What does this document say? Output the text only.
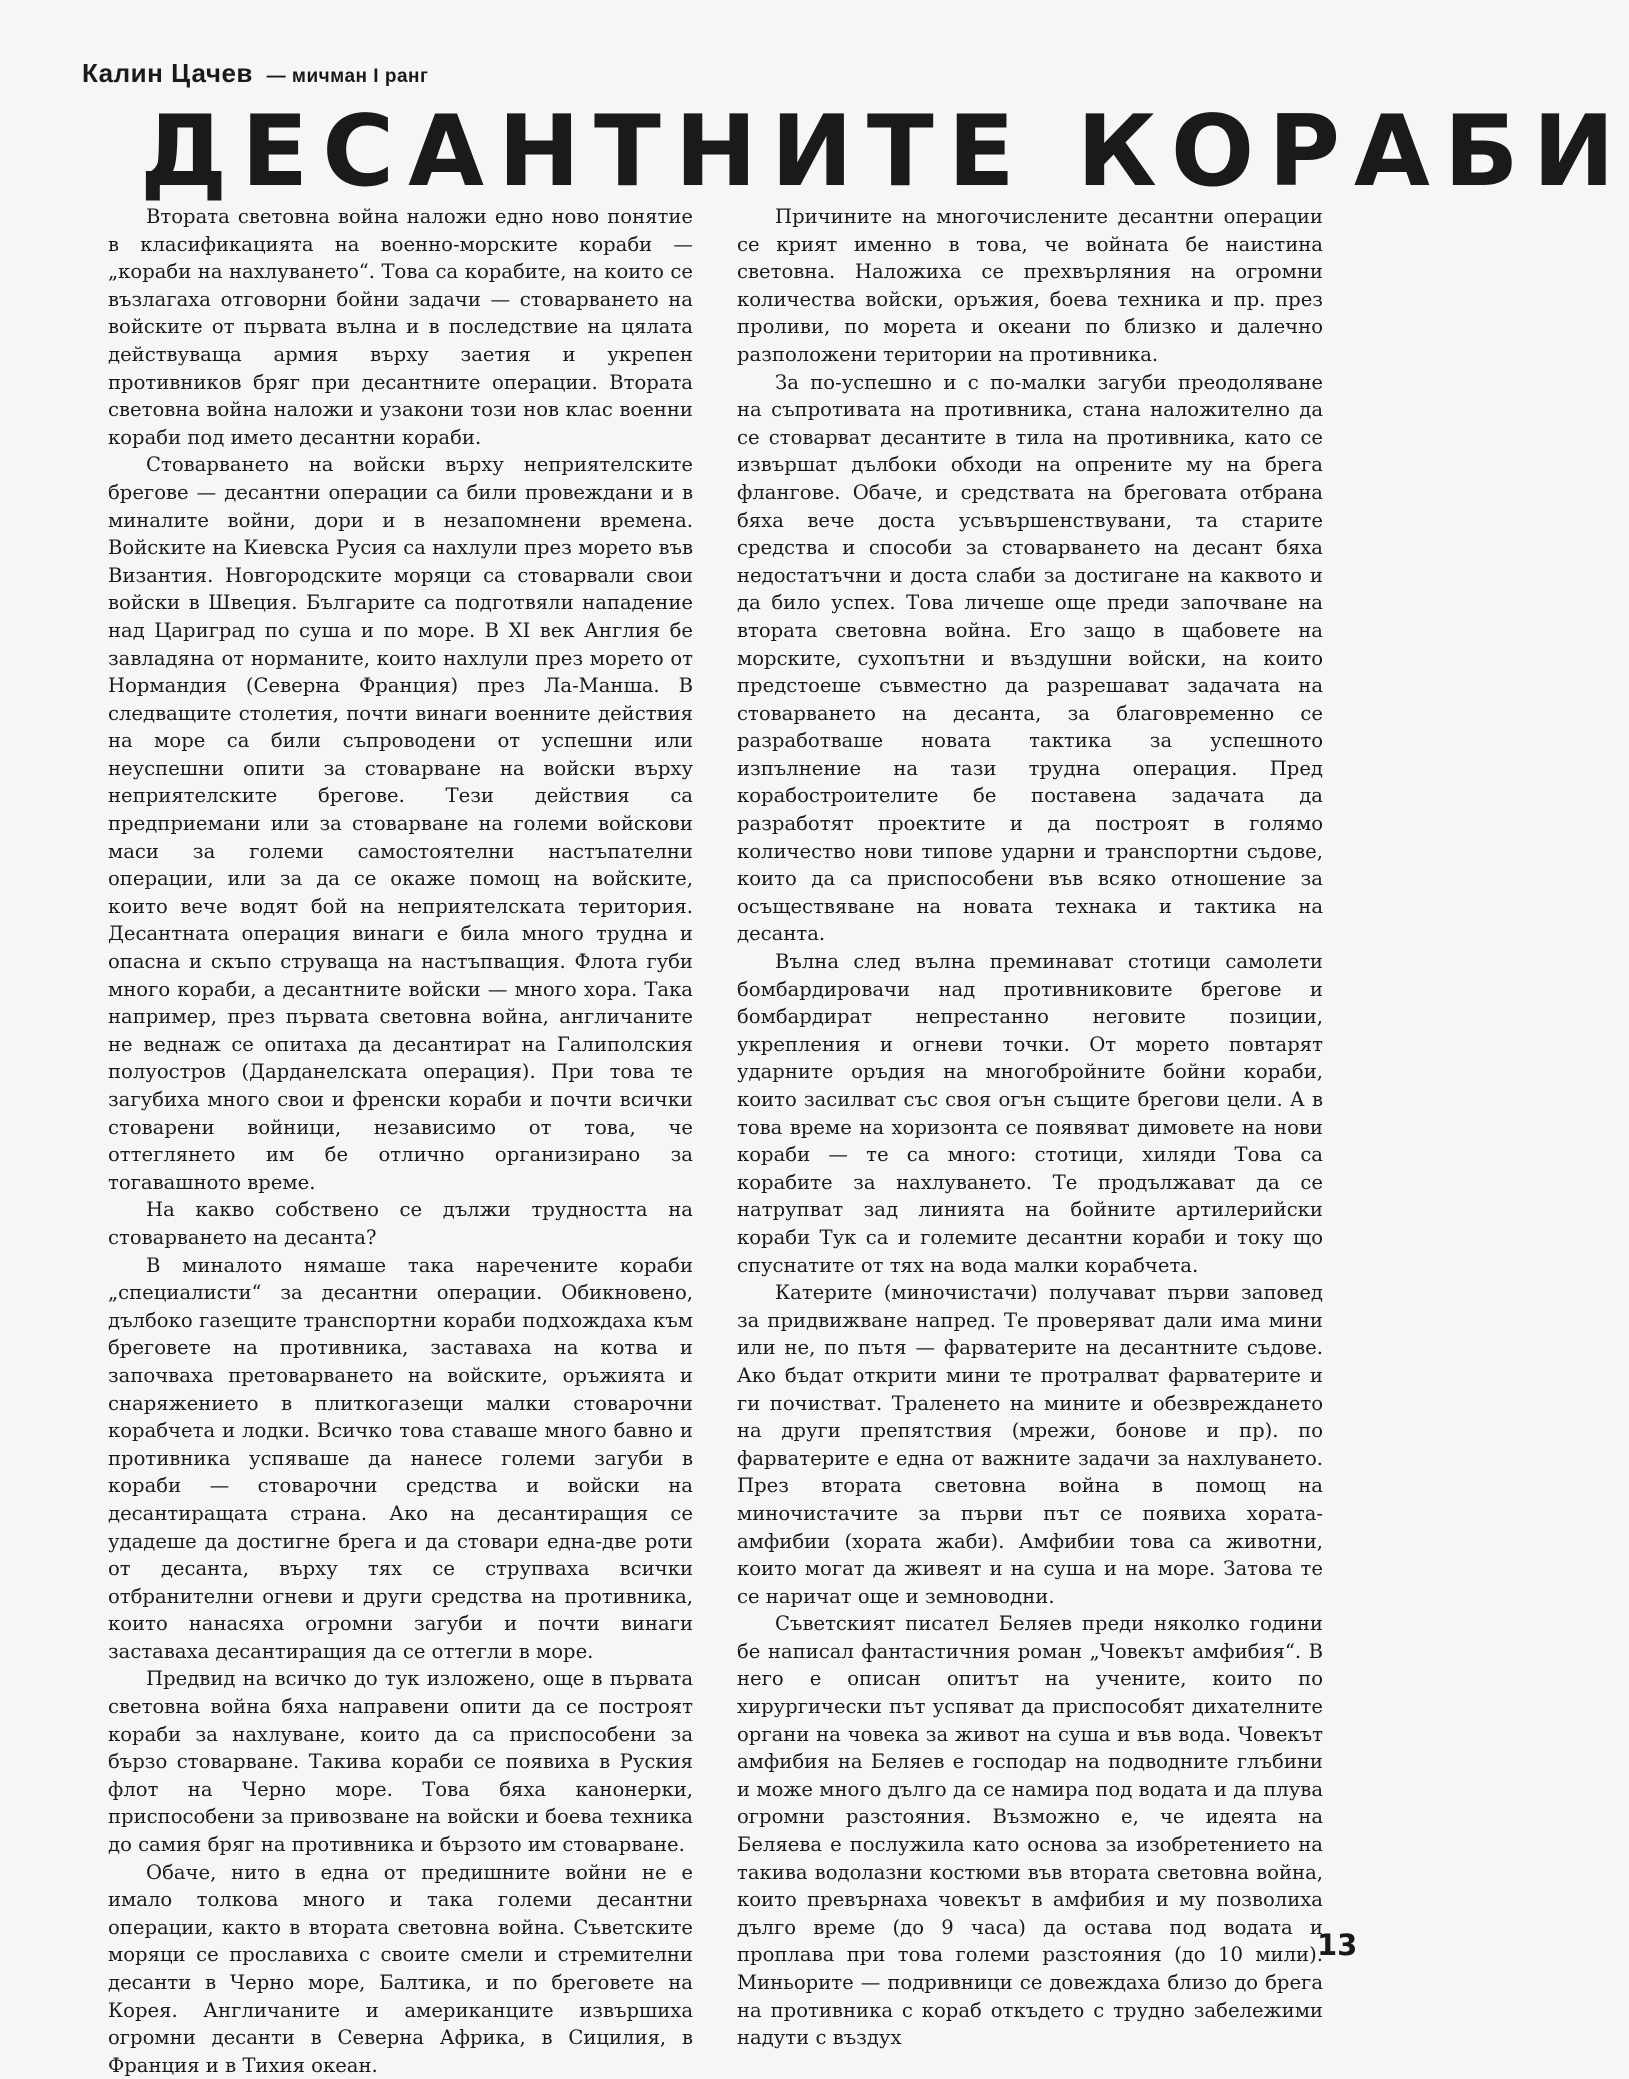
Калин Цачев — мичман I ранг
ДЕСАНТНИТЕ КОРАБИ

Втората световна война наложи едно ново понятие в класификацията на военно-морските кораби — „кораби на нахлуването“. Това са корабите, на които се възлагаха отговорни бойни задачи — стоварването на войските от първата вълна и в последствие на цялата действуваща армия върху заетия и укрепен противников бряг при десантните операции. Втората световна война наложи и узакони този нов клас военни кораби под името десантни кораби.

Стоварването на войски върху неприятелските брегове — десантни операции са били провеждани и в миналите войни, дори и в незапомнени времена. Войските на Киевска Русия са нахлули през морето във Византия. Новгородските моряци са стоварвали свои войски в Швеция. Българите са подготвяли нападение над Цариград по суша и по море. В XI век Англия бе завладяна от норманите, които нахлули през морето от Нормандия (Северна Франция) през Ла-Манша. В следващите столетия, почти винаги военните действия на море са били съпроводени от успешни или неуспешни опити за стоварване на войски върху неприятелските брегове. Тези действия са предприемани или за стоварване на големи войскови маси за големи самостоятелни настъпателни операции, или за да се окаже помощ на войските, които вече водят бой на неприятелската територия. Десантната операция винаги е била много трудна и опасна и скъпо струваща на настъпващия. Флота губи много кораби, а десантните войски — много хора. Така например, през първата световна война, англичаните не веднаж се опитаха да десантират на Галиполския полуостров (Дарданелската операция). При това те загубиха много свои и френски кораби и почти всички стоварени войници, независимо от това, че оттеглянето им бе отлично организирано за тогавашното време.

На какво собствено се дължи трудността на стоварването на десанта?

В миналото нямаше така наречените кораби „специалисти“ за десантни операции. Обикновено, дълбоко газещите транспортни кораби подхождаха към бреговете на противника, заставаха на котва и започваха претоварването на войските, оръжията и снаряжението в плиткогазещи малки стоварочни корабчета и лодки. Всичко това ставаше много бавно и противника успяваше да нанесе големи загуби в кораби — стоварочни средства и войски на десантиращата страна. Ако на десантиращия се удадеше да достигне брега и да стовари една-две роти от десанта, върху тях се струпваха всички отбранителни огневи и други средства на противника, които нанасяха огромни загуби и почти винаги заставаха десантиращия да се оттегли в море.

Предвид на всичко до тук изложено, още в първата световна война бяха направени опити да се построят кораби за нахлуване, които да са приспособени за бързо стоварване. Такива кораби се появиха в Руския флот на Черно море. Това бяха канонерки, приспособени за привозване на войски и боева техника до самия бряг на противника и бързото им стоварване.

Обаче, нито в една от предишните войни не е имало толкова много и така големи десантни операции, както в втората световна война. Съветските моряци се прославиха с своите смели и стремителни десанти в Черно море, Балтика, и по бреговете на Корея. Англичаните и американците извършиха огромни десанти в Северна Африка, в Сицилия, в Франция и в Тихия океан.

Причините на многочислените десантни операции се крият именно в това, че войната бе наистина световна. Наложиха се прехвърляния на огромни количества войски, оръжия, боева техника и пр. през проливи, по морета и океани по близко и далечно разположени територии на противника.

За по-успешно и с по-малки загуби преодоляване на съпротивата на противника, стана наложително да се стоварват десантите в тила на противника, като се извършат дълбоки обходи на опрените му на брега флангове. Обаче, и средствата на бреговата отбрана бяха вече доста усъвършенствувани, та старите средства и способи за стоварването на десант бяха недостатъчни и доста слаби за достигане на каквото и да било успех. Това личеше още преди започване на втората световна война. Его защо в щабовете на морските, сухопътни и въздушни войски, на които предстоеше съвместно да разрешават задачата на стоварването на десанта, за благовременно се разработваше новата тактика за успешното изпълнение на тази трудна операция. Пред корабостроителите бе поставена задачата да разработят проектите и да построят в голямо количество нови типове ударни и транспортни съдове, които да са приспособени във всяко отношение за осъществяване на новата технака и тактика на десанта.

Вълна след вълна преминават стотици самолети бомбардировачи над противниковите брегове и бомбардират непрестанно неговите позиции, укрепления и огневи точки. От морето повтарят ударните оръдия на многобройните бойни кораби, които засилват със своя огън същите брегови цели. А в това време на хоризонта се появяват димовете на нови кораби — те са много: стотици, хиляди Това са корабите за нахлуването. Те продължават да се натрупват зад линията на бойните артилерийски кораби Тук са и големите десантни кораби и току що спуснатите от тях на вода малки корабчета.

Катерите (миночистачи) получават първи заповед за придвижване напред. Те проверяват дали има мини или не, по пътя — фарватерите на десантните съдове. Ако бъдат открити мини те протралват фарватерите и ги почистват. Траленето на мините и обезвреждането на други препятствия (мрежи, бонове и пр). по фарватерите е една от важните задачи за нахлуването. През втората световна война в помощ на миночистачите за първи път се появиха хората-амфибии (хората жаби). Амфибии това са животни, които могат да живеят и на суша и на море. Затова те се наричат още и земноводни.

Съветският писател Беляев преди няколко години бе написал фантастичния роман „Човекът амфибия“. В него е описан опитът на учените, които по хирургически път успяват да приспособят дихателните органи на човека за живот на суша и във вода. Човекът амфибия на Беляев е господар на подводните глъбини и може много дълго да се намира под водата и да плува огромни разстояния. Възможно е, че идеята на Беляева е послужила като основа за изобретението на такива водолазни костюми във втората световна война, които превърнаха човекът в амфибия и му позволиха дълго време (до 9 часа) да остава под водата и проплава при това големи разстояния (до 10 мили). Миньорите — подривници се довеждаха близо до брега на противника с кораб откъдето с трудно забележими надути с въздух

13
